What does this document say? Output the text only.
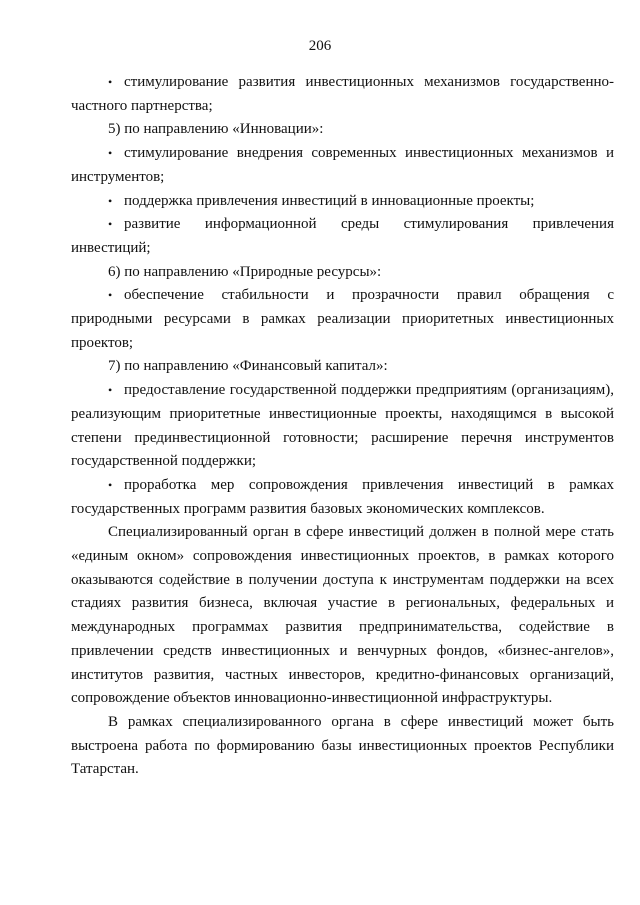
206

• стимулирование развития инвестиционных механизмов государственно-частного партнерства;

5) по направлению «Инновации»:

• стимулирование внедрения современных инвестиционных механизмов и инструментов;

• поддержка привлечения инвестиций в инновационные проекты;

• развитие информационной среды стимулирования привлечения инвестиций;

6) по направлению «Природные ресурсы»:

• обеспечение стабильности и прозрачности правил обращения с природными ресурсами в рамках реализации приоритетных инвестиционных проектов;

7) по направлению «Финансовый капитал»:

• предоставление государственной поддержки предприятиям (организациям), реализующим приоритетные инвестиционные проекты, находящимся в высокой степени прединвестиционной готовности; расширение перечня инструментов государственной поддержки;

• проработка мер сопровождения привлечения инвестиций в рамках государственных программ развития базовых экономических комплексов.

Специализированный орган в сфере инвестиций должен в полной мере стать «единым окном» сопровождения инвестиционных проектов, в рамках которого оказываются содействие в получении доступа к инструментам поддержки на всех стадиях развития бизнеса, включая участие в региональных, федеральных и международных программах развития предпринимательства, содействие в привлечении средств инвестиционных и венчурных фондов, «бизнес-ангелов», институтов развития, частных инвесторов, кредитно-финансовых организаций, сопровождение объектов инновационно-инвестиционной инфраструктуры.

В рамках специализированного органа в сфере инвестиций может быть выстроена работа по формированию базы инвестиционных проектов Республики Татарстан.
